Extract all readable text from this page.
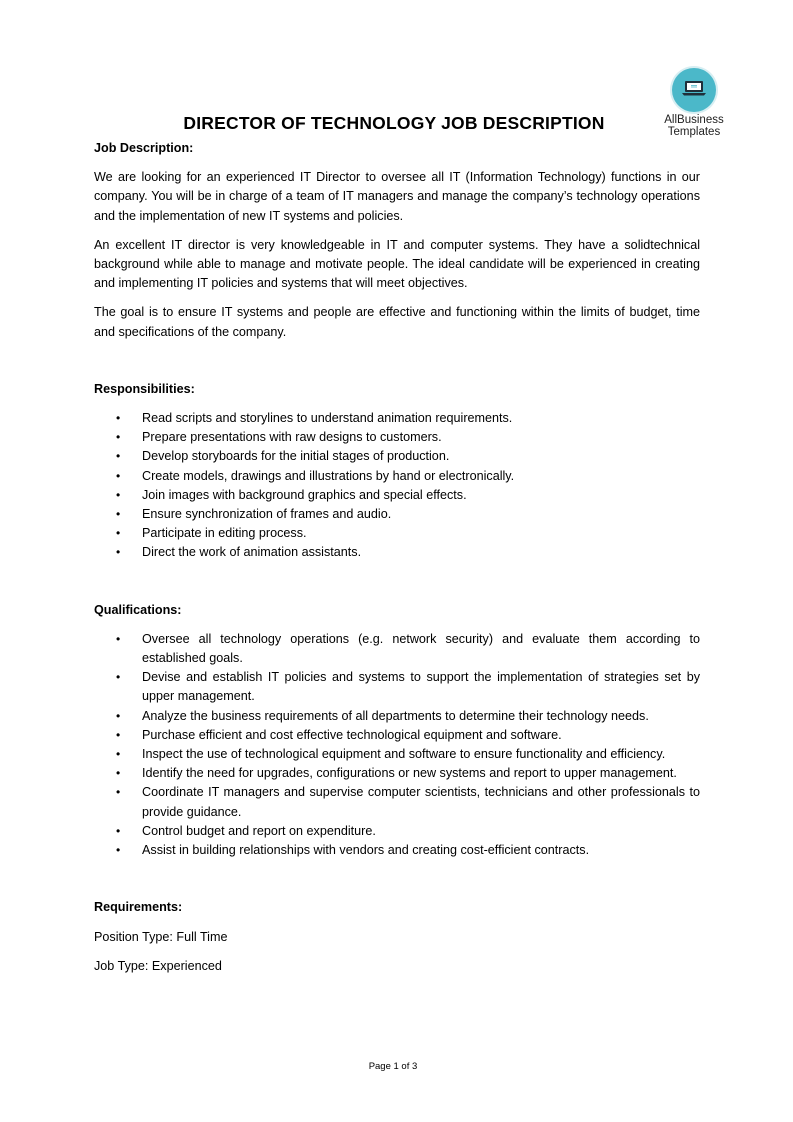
AllBusiness
Templates
DIRECTOR OF TECHNOLOGY JOB DESCRIPTION

Job Description:

We are looking for an experienced IT Director to oversee all IT (Information Technology) functions in our company. You will be in charge of a team of IT managers and manage the company’s technology operations and the implementation of new IT systems and policies.

An excellent IT director is very knowledgeable in IT and computer systems. They have a solidtechnical background while able to manage and motivate people. The ideal candidate will be experienced in creating and implementing IT policies and systems that will meet objectives.

The goal is to ensure IT systems and people are effective and functioning within the limits of budget, time and specifications of the company.

Responsibilities:

• Read scripts and storylines to understand animation requirements.
• Prepare presentations with raw designs to customers.
• Develop storyboards for the initial stages of production.
• Create models, drawings and illustrations by hand or electronically.
• Join images with background graphics and special effects.
• Ensure synchronization of frames and audio.
• Participate in editing process.
• Direct the work of animation assistants.

Qualifications:

• Oversee all technology operations (e.g. network security) and evaluate them according to established goals.
• Devise and establish IT policies and systems to support the implementation of strategies set by upper management.
• Analyze the business requirements of all departments to determine their technology needs.
• Purchase efficient and cost effective technological equipment and software.
• Inspect the use of technological equipment and software to ensure functionality and efficiency.
• Identify the need for upgrades, configurations or new systems and report to upper management.
• Coordinate IT managers and supervise computer scientists, technicians and other professionals to provide guidance.
• Control budget and report on expenditure.
• Assist in building relationships with vendors and creating cost-efficient contracts.

Requirements:

Position Type: Full Time

Job Type: Experienced

Page 1 of 3
